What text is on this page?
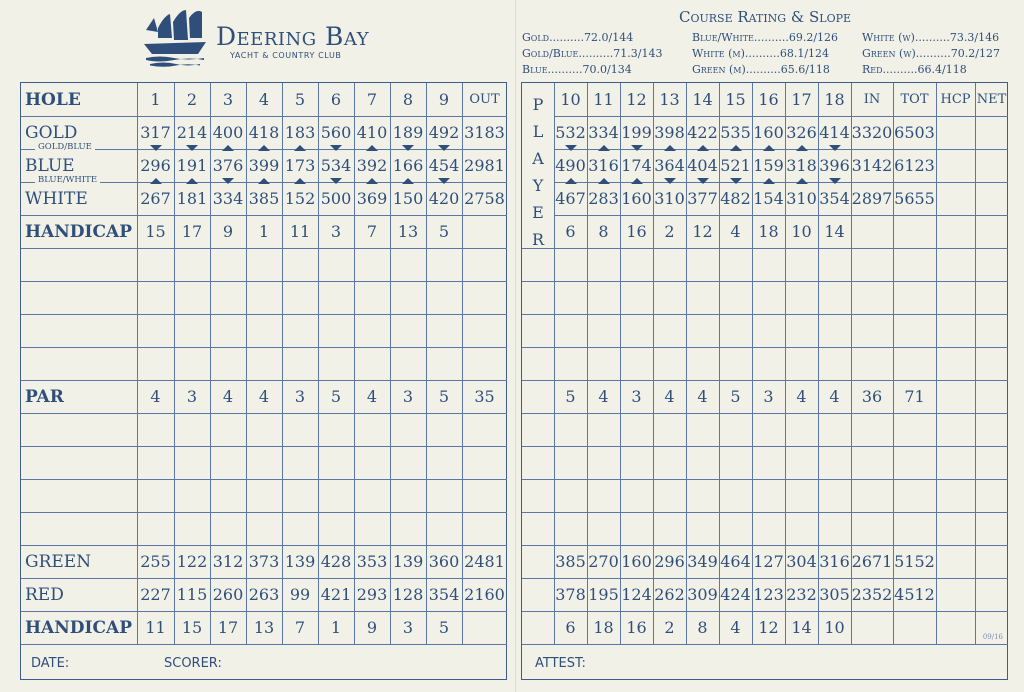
Deering Bay
YACHT & COUNTRY CLUB
Course Rating & Slope
Gold..........72.0/144
Gold/Blue..........71.3/143
Blue..........70.0/134
Blue/White..........69.2/126
White (m)..........68.1/124
Green (m)..........65.6/118
White (w)..........73.3/146
Green (w)..........70.2/127
Red..........66.4/118
HOLE	1	2	3	4	5	6	7	8	9	OUT
GOLD	317 214 400 418 183 560 410 189 492 3183
BLUE	296 191 376 399 173 534 392 166 454 2981
WHITE	267 181 334 385 152 500 369 150 420 2758
HANDICAP 15	17	9	1	11	3	7	13	5
PAR	4	3	4	4	3	5	4	3	5	35
GREEN	255 122 312 373 139 428 353 139 360 2481
RED	227 115 260 263 99 421 293 128 354 2160
HANDICAP 11	15 17 13	7	1	9	3	5
GOLD/BLUE
BLUE/WHITE
DATE:	SCORER:
P
L
A
Y
E
R
10 11 12 13 14 15 16 17 18	IN	TOT HCP NET
532 334 199 398 422 535 160 326 414 3320 6503
490 316 174 364 404 521 159 318 396 3142 6123
467 283 160 310 377 482 154 310 354 2897 5655
6	8	16	2	12	4	18 10 14
5	4	3	4	4	5	3	4	4	36	71
385 270 160 296 349 464 127 304 316 2671 5152
378 195 124 262 309 424 123 232 305 2352 4512
6	18 16	2	8	4	12 14 10
ATTEST:
09/16
